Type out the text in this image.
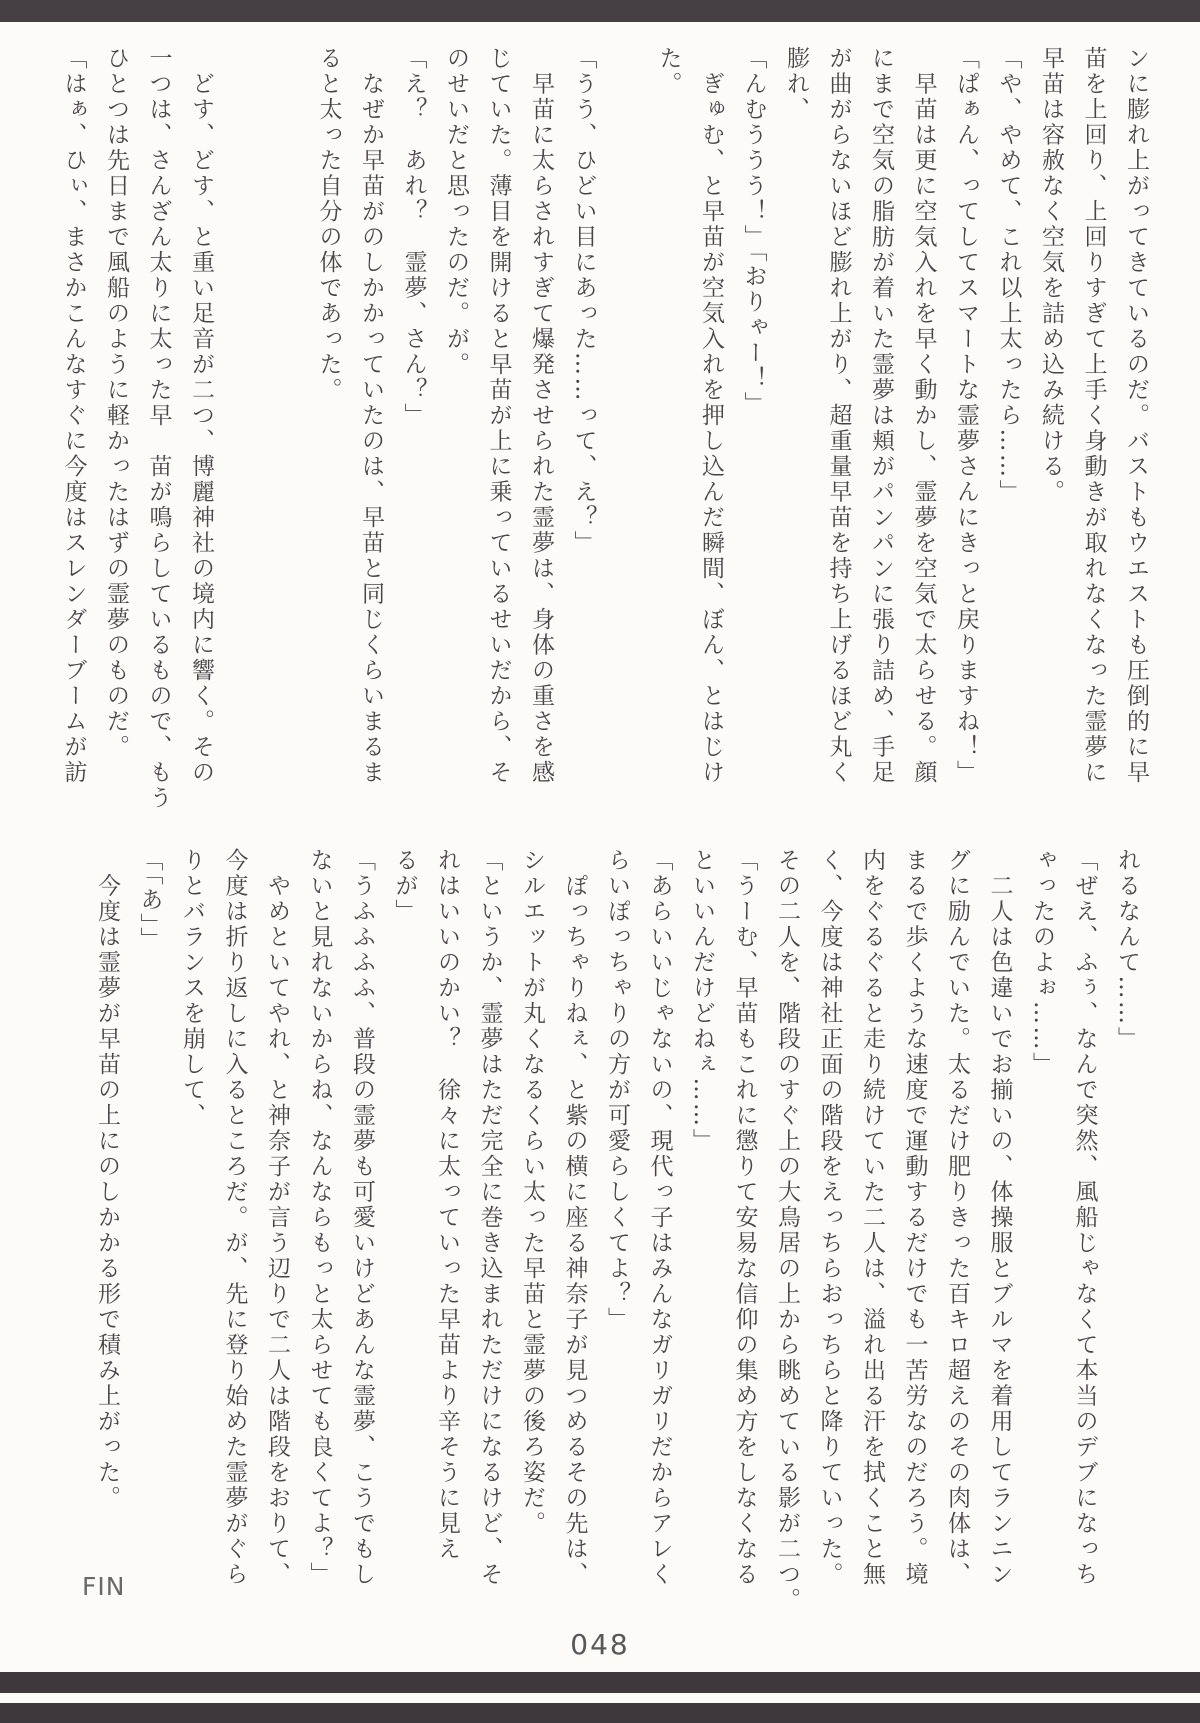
ンに膨れ上がってきているのだ。バストもウエストも圧倒的に早

苗を上回り、上回りすぎて上手く身動きが取れなくなった霊夢に

早苗は容赦なく空気を詰め込み続ける。

「や、やめて、これ以上太ったら……」

「ぱぁん、ってしてスマートな霊夢さんにきっと戻りますね！」

　早苗は更に空気入れを早く動かし、霊夢を空気で太らせる。顔

にまで空気の脂肪が着いた霊夢は頬がパンパンに張り詰め、手足

が曲がらないほど膨れ上がり、超重量早苗を持ち上げるほど丸く

膨れ、

「んむううう！」「おりゃー！」

　ぎゅむ、と早苗が空気入れを押し込んだ瞬間、ぼん、とはじけ

た。

「うう、ひどい目にあった……って、え？」

　早苗に太らされすぎて爆発させられた霊夢は、身体の重さを感

じていた。薄目を開けると早苗が上に乗っているせいだから、そ

のせいだと思ったのだ。が。

「え？　あれ？　霊夢、さん？」

　なぜか早苗がのしかかっていたのは、早苗と同じくらいまるま

ると太った自分の体であった。

　どす、どす、と重い足音が二つ、博麗神社の境内に響く。その

一つは、さんざん太りに太った早　苗が鳴らしているもので、もう

ひとつは先日まで風船のように軽かったはずの霊夢のものだ。

「はぁ、ひぃ、まさかこんなすぐに今度はスレンダーブームが訪

れるなんて……」

「ぜえ、ふぅ、なんで突然、風船じゃなくて本当のデブになっち

ゃったのよぉ……」

　二人は色違いでお揃いの、体操服とブルマを着用してランニン

グに励んでいた。太るだけ肥りきった百キロ超えのその肉体は、

まるで歩くような速度で運動するだけでも一苦労なのだろう。境

内をぐるぐると走り続けていた二人は、溢れ出る汗を拭くこと無

く、今度は神社正面の階段をえっちらおっちらと降りていった。

その二人を、階段のすぐ上の大鳥居の上から眺めている影が二つ。

「うーむ、早苗もこれに懲りて安易な信仰の集め方をしなくなる

といいんだけどねぇ……」

「あらいいじゃないの、現代っ子はみんなガリガリだからアレく

らいぽっちゃりの方が可愛らしくてよ？」

　ぽっちゃりねぇ、と紫の横に座る神奈子が見つめるその先は、

シルエットが丸くなるくらい太った早苗と霊夢の後ろ姿だ。

「というか、霊夢はただ完全に巻き込まれただけになるけど、そ

れはいいのかい？　徐々に太っていった早苗より辛そうに見え

るが」

「うふふふふ、普段の霊夢も可愛いけどあんな霊夢、こうでもし

ないと見れないからね、なんならもっと太らせても良くてよ？」

　やめといてやれ、と神奈子が言う辺りで二人は階段をおりて、

今度は折り返しに入るところだ。が、先に登り始めた霊夢がぐら

りとバランスを崩して、

「「あ」」

　今度は霊夢が早苗の上にのしかかる形で積み上がった。

FIN
048
